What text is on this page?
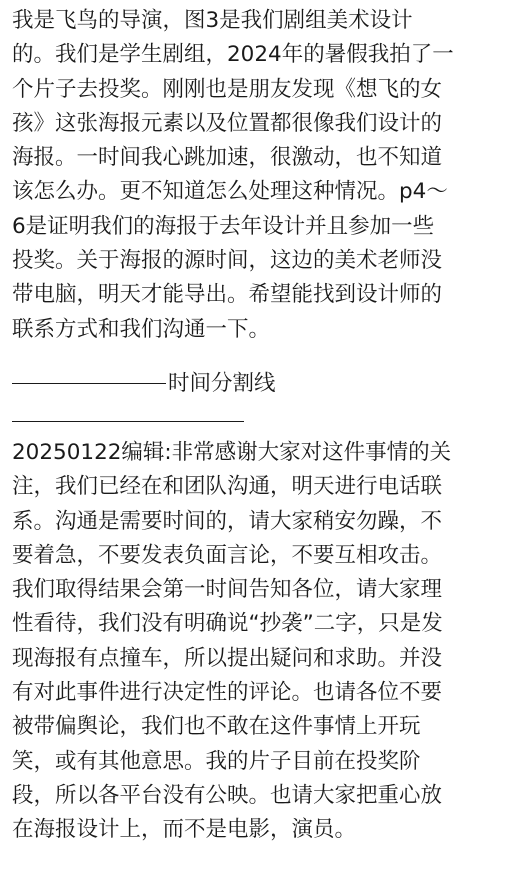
我是飞鸟的导演，图3是我们剧组美术设计
的。我们是学生剧组，2024年的暑假我拍了一
个片子去投奖。刚刚也是朋友发现《想飞的女
孩》这张海报元素以及位置都很像我们设计的
海报。一时间我心跳加速，很激动，也不知道
该怎么办。更不知道怎么处理这种情况。p4～
6是证明我们的海报于去年设计并且参加一些
投奖。关于海报的源时间，这边的美术老师没
带电脑，明天才能导出。希望能找到设计师的
联系方式和我们沟通一下。
时间分割线
20250122编辑:非常感谢大家对这件事情的关
注，我们已经在和团队沟通，明天进行电话联
系。沟通是需要时间的，请大家稍安勿躁，不
要着急，不要发表负面言论，不要互相攻击。
我们取得结果会第一时间告知各位，请大家理
性看待，我们没有明确说“抄袭”二字，只是发
现海报有点撞车，所以提出疑问和求助。并没
有对此事件进行决定性的评论。也请各位不要
被带偏舆论，我们也不敢在这件事情上开玩
笑，或有其他意思。我的片子目前在投奖阶
段，所以各平台没有公映。也请大家把重心放
在海报设计上，而不是电影，演员。
